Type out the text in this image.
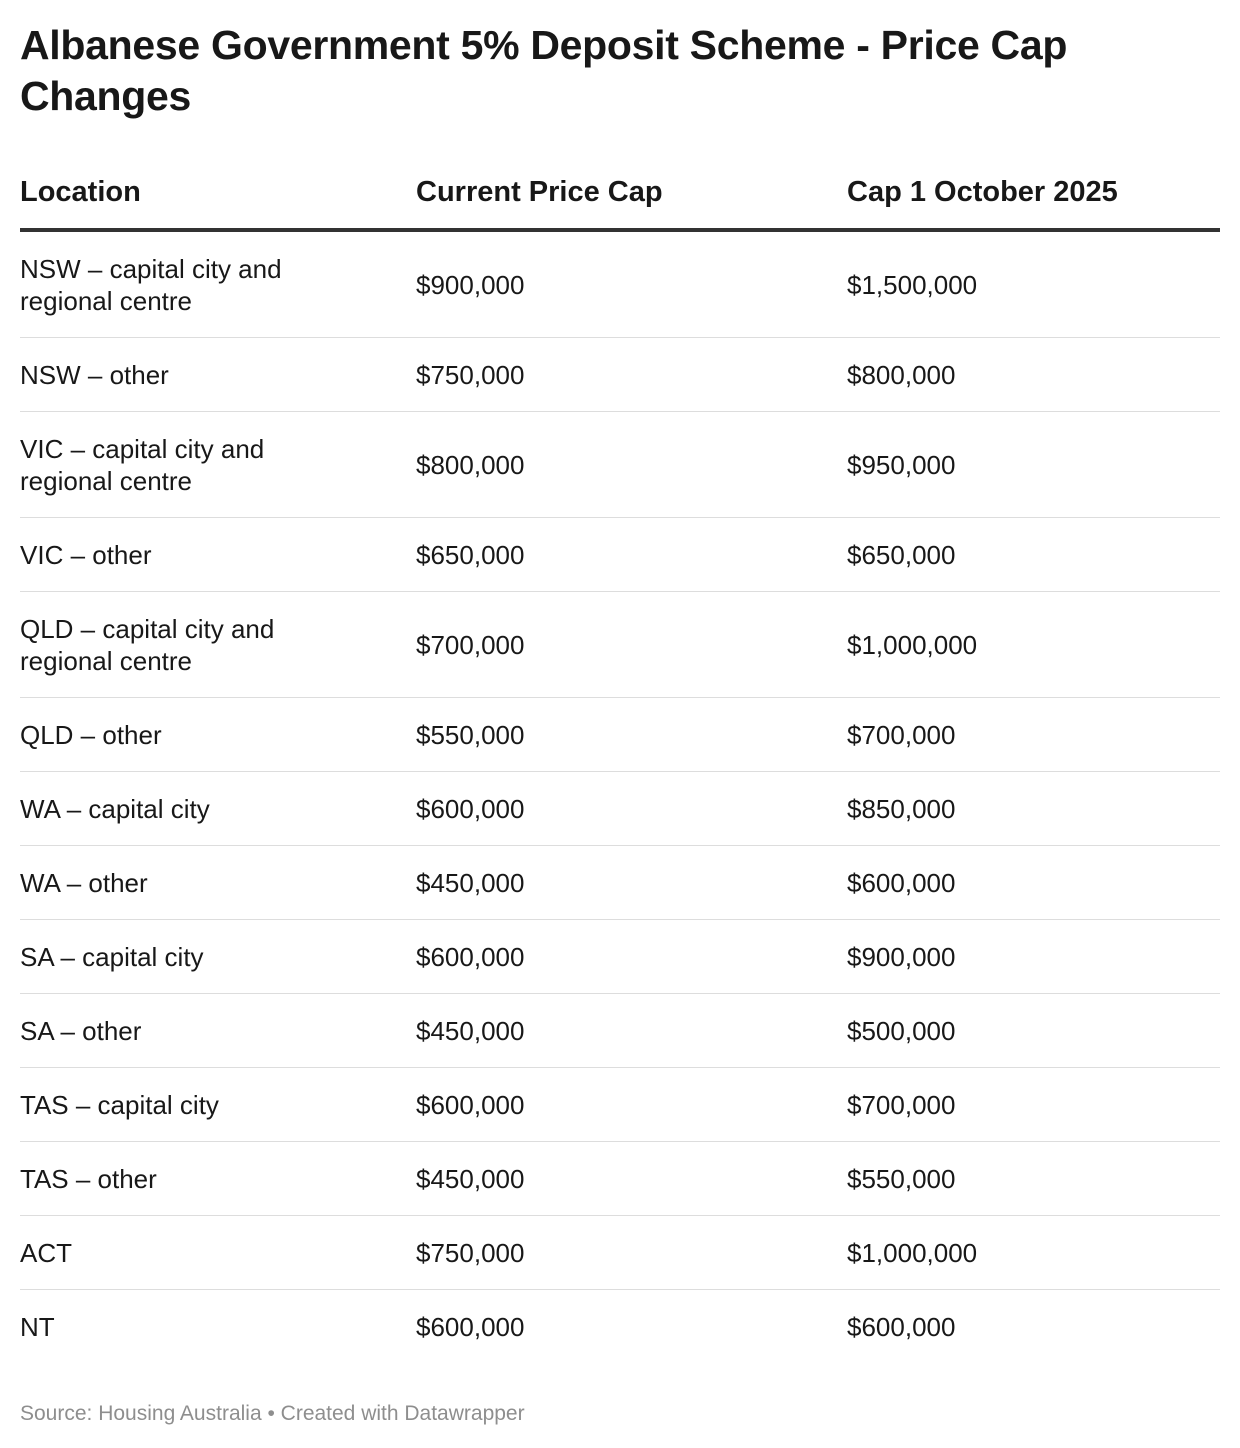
Albanese Government 5% Deposit Scheme - Price Cap Changes
Location	Current Price Cap	Cap 1 October 2025

NSW – capital city and regional centre	$900,000	$1,500,000

NSW – other	$750,000	$800,000

VIC – capital city and regional centre	$800,000	$950,000

VIC – other	$650,000	$650,000

QLD – capital city and regional centre	$700,000	$1,000,000

QLD – other	$550,000	$700,000

WA – capital city	$600,000	$850,000

WA – other	$450,000	$600,000

SA – capital city	$600,000	$900,000

SA – other	$450,000	$500,000

TAS – capital city	$600,000	$700,000

TAS – other	$450,000	$550,000

ACT	$750,000	$1,000,000

NT	$600,000	$600,000
Source: Housing Australia • Created with Datawrapper
